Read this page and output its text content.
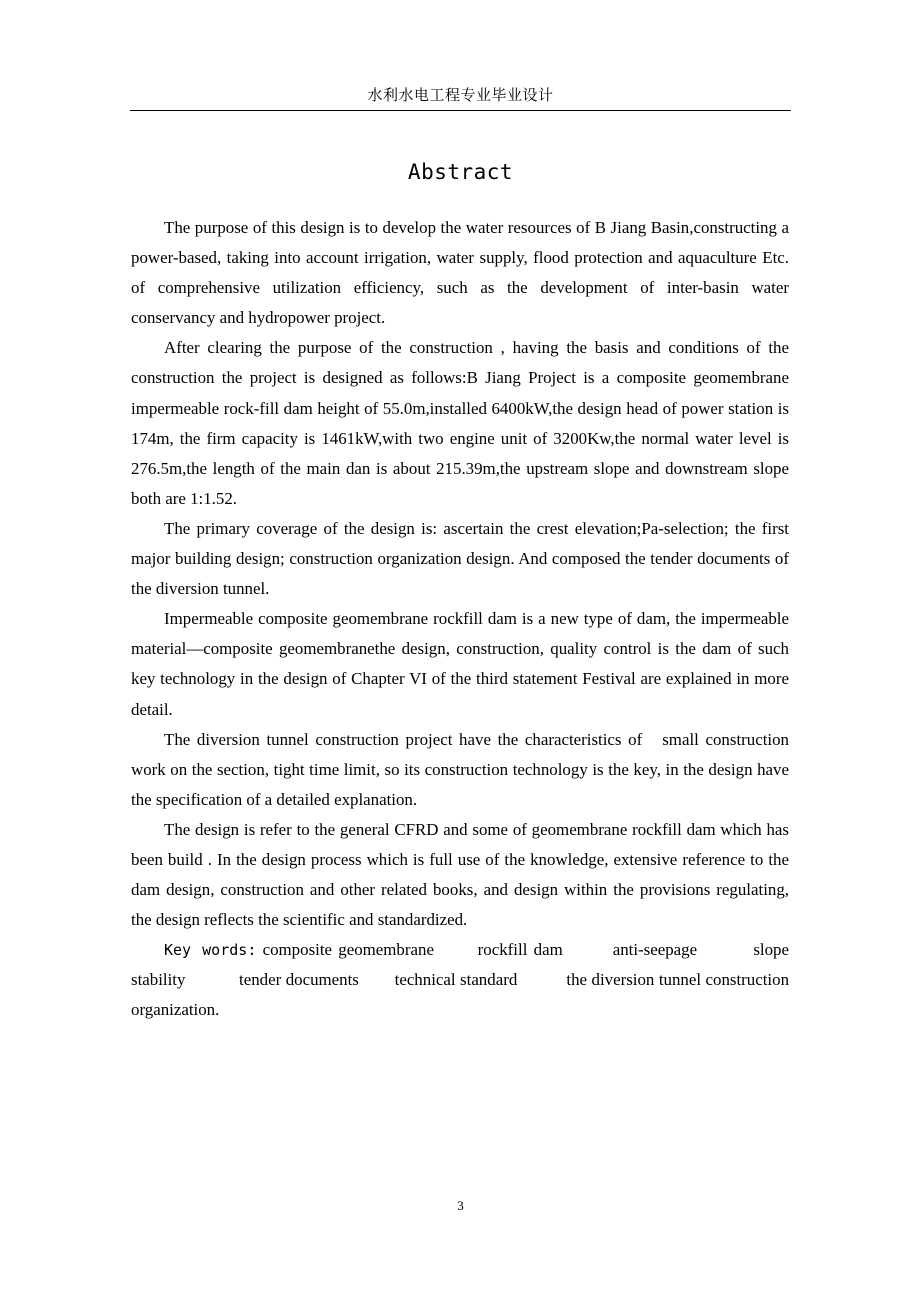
水利水电工程专业毕业设计
Abstract

The purpose of this design is to develop the water resources of B Jiang Basin,constructing a power-based, taking into account irrigation, water supply, flood protection and aquaculture Etc. of comprehensive utilization efficiency, such as the development of inter-basin water conservancy and hydropower project.

After clearing the purpose of the construction , having the basis and conditions of the construction the project is designed as follows:B Jiang Project is a composite geomembrane impermeable rock-fill dam height of 55.0m,installed 6400kW,the design head of power station is 174m, the firm capacity is 1461kW,with two engine unit of 3200Kw,the normal water level is 276.5m,the length of the main dan is about 215.39m,the upstream slope and downstream slope both are 1:1.52.

The primary coverage of the design is: ascertain the crest elevation;Pa-selection; the first major building design; construction organization design. And composed the tender documents of the diversion tunnel.

Impermeable composite geomembrane rockfill dam is a new type of dam, the impermeable material—composite geomembranethe design, construction, quality control is the dam of such key technology in the design of Chapter VI of the third statement Festival are explained in more detail.

The diversion tunnel construction project have the characteristics of   small construction work on the section, tight time limit, so its construction technology is the key, in the design have the specification of a detailed explanation.

The design is refer to the general CFRD and some of geomembrane rockfill dam which has been build . In the design process which is full use of the knowledge, extensive reference to the dam design, construction and other related books, and design within the provisions regulating, the design reflects the scientific and standardized.

Key words: composite geomembrane	rockfill dam	anti-seepage	slope stability	tender documents technical standard	the diversion tunnel construction organization.

3
